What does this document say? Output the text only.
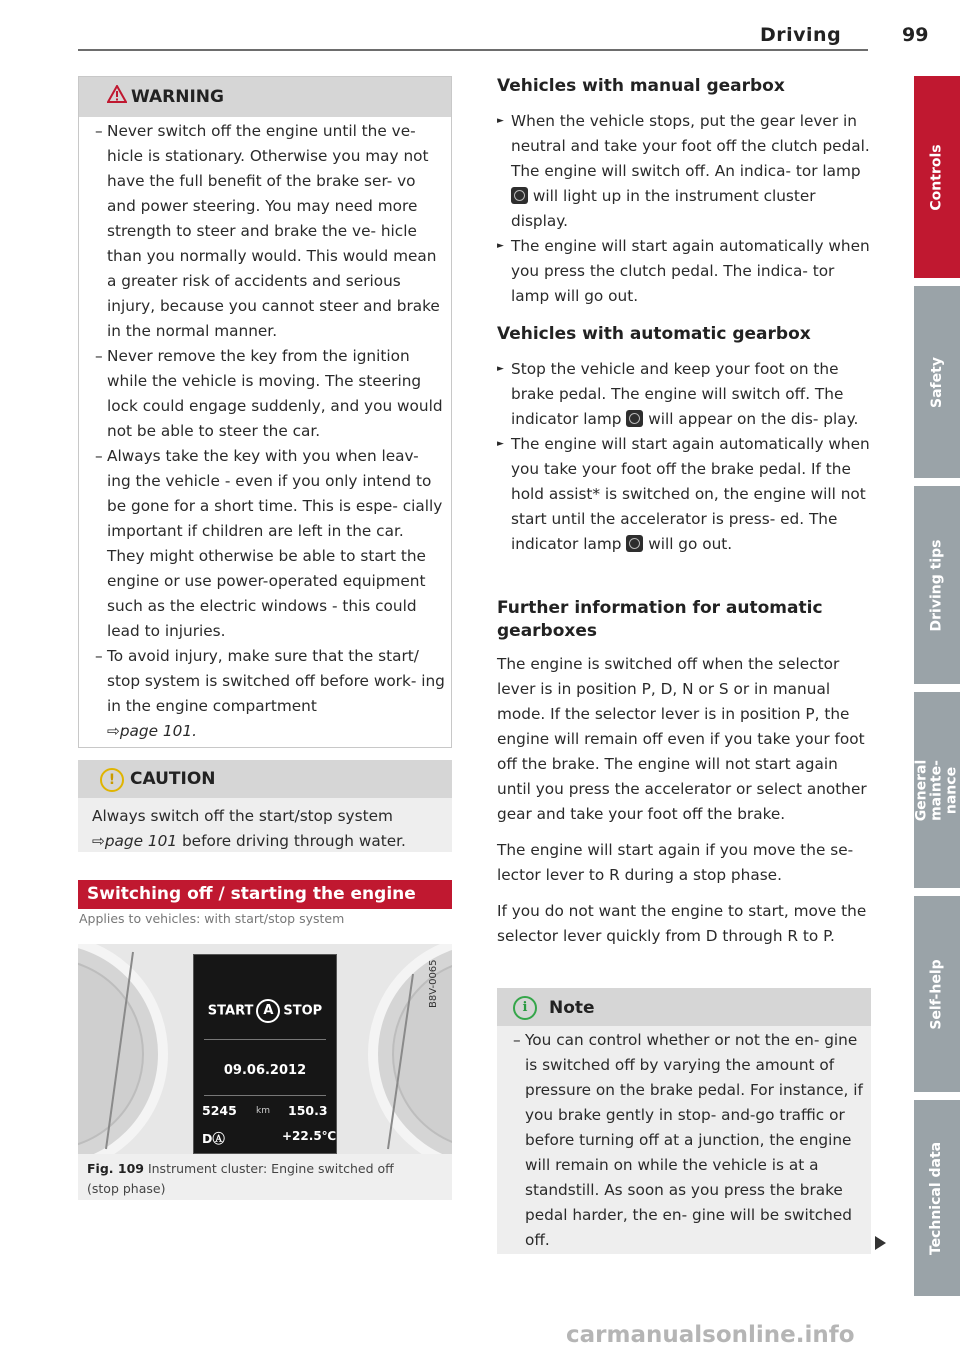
Driving	99
Controls
Safety
Driving tips
General mainte-
nance
Self-help
Technical data
WARNING
– Never switch off the engine until the ve- hicle is stationary. Otherwise you may not have the full benefit of the brake ser- vo and power steering. You may need more strength to steer and brake the ve- hicle than you normally would. This would mean a greater risk of accidents and serious injury, because you cannot steer and brake in the normal manner.
– Never remove the key from the ignition while the vehicle is moving. The steering lock could engage suddenly, and you would not be able to steer the car.
– Always take the key with you when leav- ing the vehicle - even if you only intend to be gone for a short time. This is espe- cially important if children are left in the car. They might otherwise be able to start the engine or use power-operated equipment such as the electric windows - this could lead to injuries.
– To avoid injury, make sure that the start/ stop system is switched off before work- ing in the engine compartment
⇨page 101.
! CAUTION
Always switch off the start/stop system
⇨page 101 before driving through water.
Switching off / starting the engine
Applies to vehicles: with start/stop system
B8V-0065
START A STOP
09.06.2012
5245 km 150.3
DⒶ	+22.5℃
Fig. 109 Instrument cluster: Engine switched off (stop phase)
Vehicles with manual gearbox
► When the vehicle stops, put the gear lever in neutral and take your foot off the clutch pedal. The engine will switch off. An indica- tor lamp  will light up in the instrument cluster display.
► The engine will start again automatically when you press the clutch pedal. The indica- tor lamp will go out.
Vehicles with automatic gearbox
► Stop the vehicle and keep your foot on the brake pedal. The engine will switch off. The indicator lamp will appear on the dis- play.
► The engine will start again automatically when you take your foot off the brake pedal. If the hold assist* is switched on, the engine will not start until the accelerator is press- ed. The indicator lamp will go out.
Further information for automatic gearboxes
The engine is switched off when the selector lever is in position P, D, N or S or in manual mode. If the selector lever is in position P, the engine will remain off even if you take your foot off the brake. The engine will not start again until you press the accelerator or select another gear and take your foot off the brake.
The engine will start again if you move the se- lector lever to R during a stop phase.
If you do not want the engine to start, move the selector lever quickly from D through R to P.
i	Note
– You can control whether or not the en- gine is switched off by varying the amount of pressure on the brake pedal. For instance, if you brake gently in stop- and-go traffic or before turning off at a junction, the engine will remain on while the vehicle is at a standstill. As soon as you press the brake pedal harder, the en- gine will be switched off.
carmanualsonline.info
